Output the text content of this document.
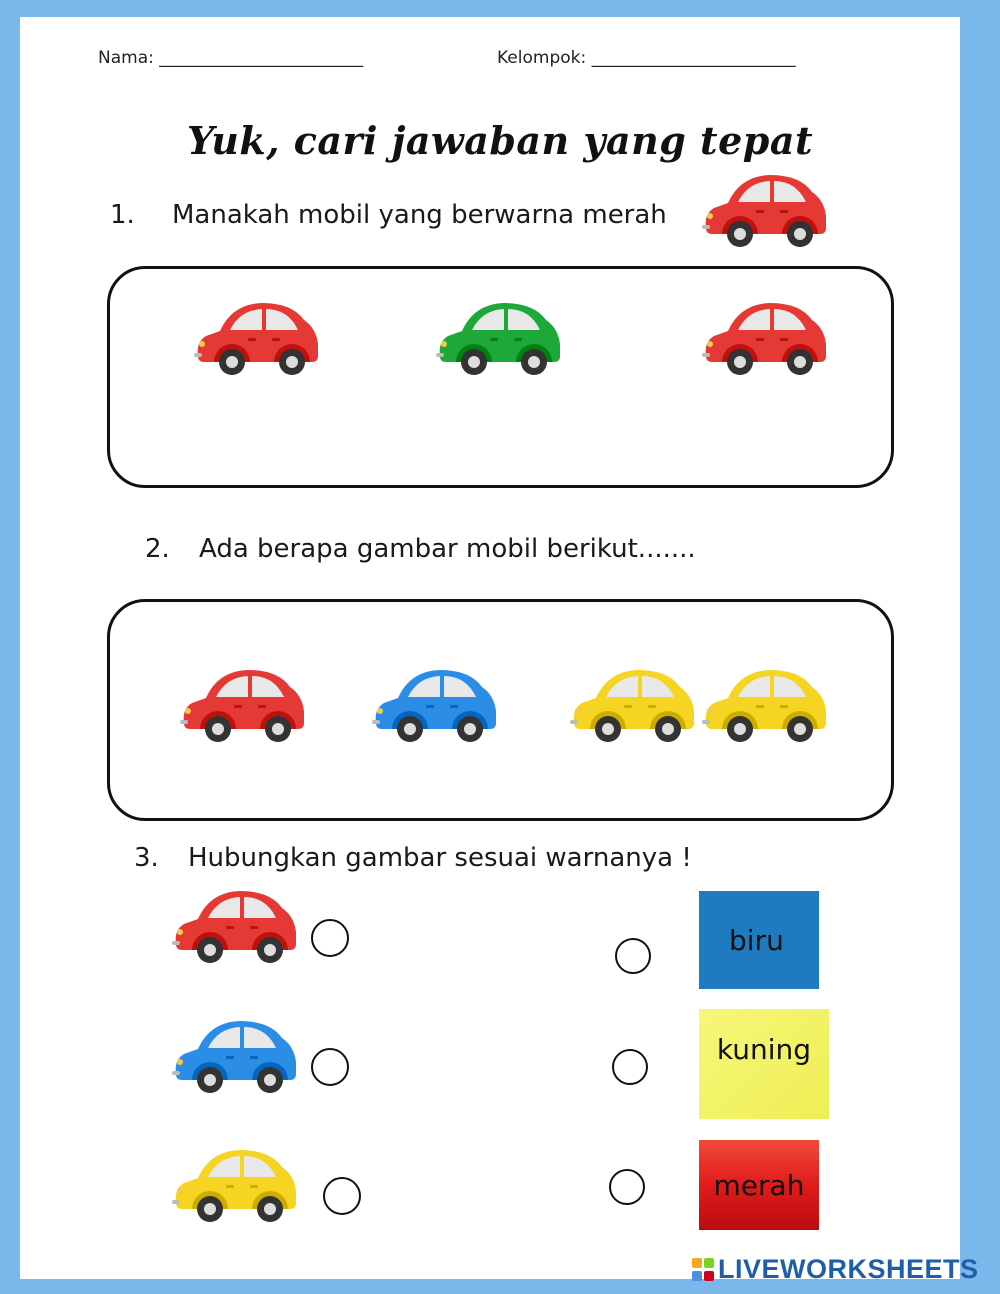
Nama: ________________________	Kelompok: ________________________
Yuk, cari jawaban yang tepat
1. Manakah mobil yang berwarna merah
2. Ada berapa gambar mobil berikut.......
3. Hubungkan gambar sesuai warnanya !
biru
kuning
merah
LIVEWORKSHEETS
